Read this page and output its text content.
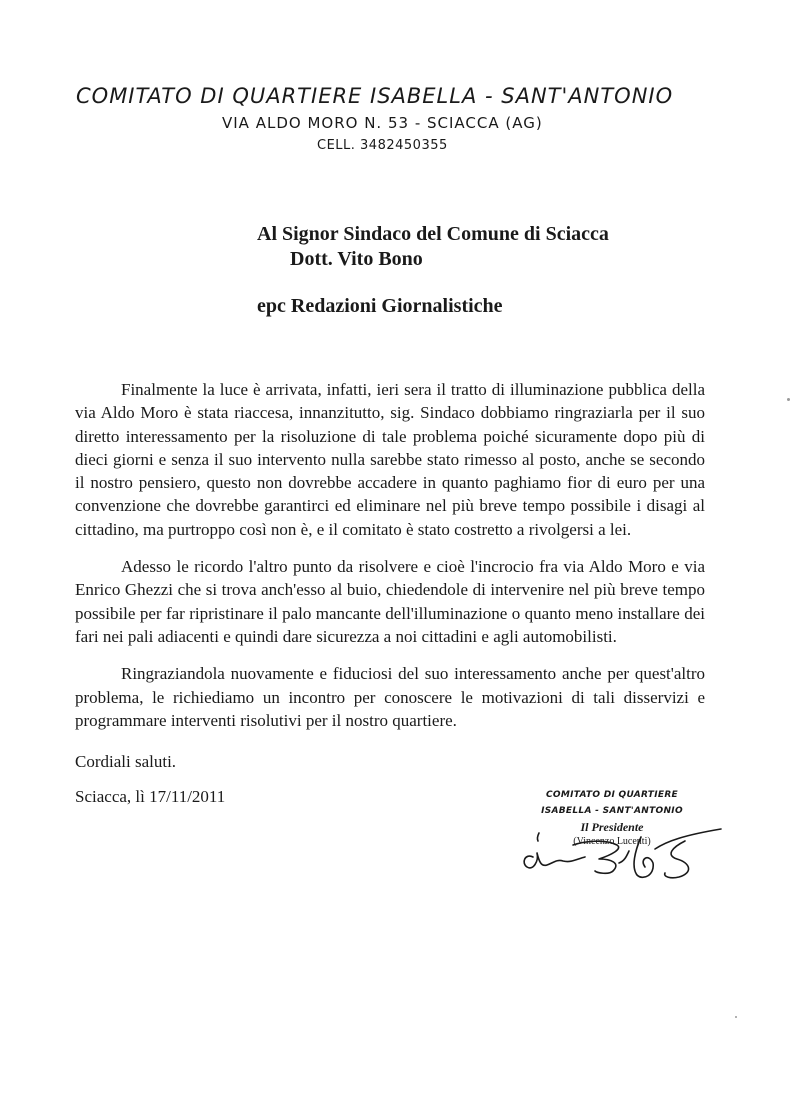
COMITATO DI QUARTIERE ISABELLA - SANT'ANTONIO
VIA ALDO MORO N. 53 - SCIACCA (AG)
CELL. 3482450355
Al Signor Sindaco del Comune di Sciacca
Dott. Vito Bono
epc Redazioni Giornalistiche

Finalmente la luce è arrivata, infatti, ieri sera il tratto di illuminazione pubblica della via Aldo Moro è stata riaccesa, innanzitutto, sig. Sindaco dobbiamo ringraziarla per il suo diretto interessamento per la risoluzione di tale problema poiché sicuramente dopo più di dieci giorni e senza il suo intervento nulla sarebbe stato rimesso al posto, anche se secondo il nostro pensiero, questo non dovrebbe accadere in quanto paghiamo fior di euro per una convenzione che dovrebbe garantirci ed eliminare nel più breve tempo possibile i disagi al cittadino, ma purtroppo così non è, e il comitato è stato costretto a rivolgersi a lei.

Adesso le ricordo l'altro punto da risolvere e cioè l'incrocio fra via Aldo Moro e via Enrico Ghezzi che si trova anch'esso al buio, chiedendole di intervenire nel più breve tempo possibile per far ripristinare il palo mancante dell'illuminazione o quanto meno installare dei fari nei pali adiacenti e quindi dare sicurezza a noi cittadini e agli automobilisti.

Ringraziandola nuovamente e fiduciosi del suo interessamento anche per quest'altro problema, le richiediamo un incontro per conoscere le motivazioni di tali disservizi e programmare interventi risolutivi per il nostro quartiere.

Cordiali saluti.
Sciacca, lì 17/11/2011	COMITATO DI QUARTIERE
ISABELLA - SANT'ANTONIO
Il Presidente
(Vincenzo Lucenti)
